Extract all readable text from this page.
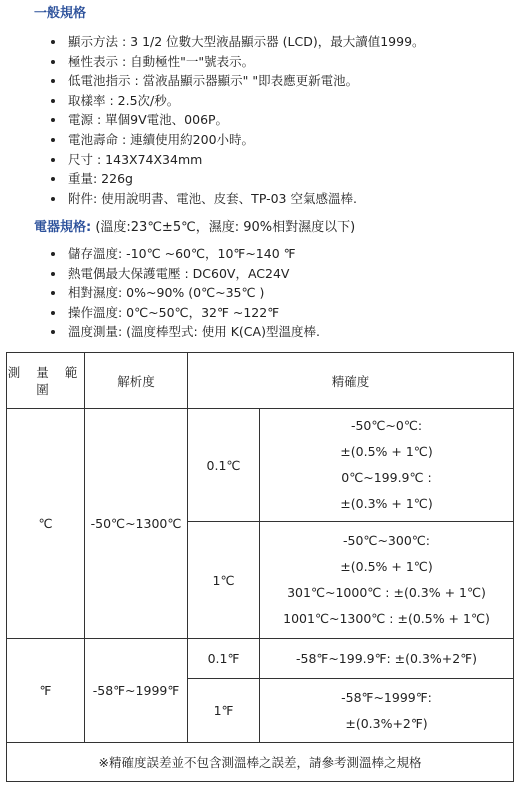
一般規格
• 顯示方法 : 3 1/2 位數大型液晶顯示器 (LCD)，最大讀值1999。
• 極性表示 : 自動極性"一"號表示。
• 低電池指示 : 當液晶顯示器顯示" "即表應更新電池。
• 取樣率 : 2.5次/秒。
• 電源 : 單個9V電池、006P。
• 電池壽命 : 連續使用約200小時。
• 尺寸 : 143X74X34mm
• 重量: 226g
• 附件: 使用說明書、電池、皮套、TP-03 空氣感溫棒.
電器規格: (溫度:23℃±5℃，濕度: 90%相對濕度以下)
• 儲存溫度: -10℃ ~60℃，10℉~140 ℉
• 熱電偶最大保護電壓 : DC60V，AC24V
• 相對濕度: 0%~90% (0℃~35℃ )
• 操作溫度: 0℃~50℃，32℉ ~122℉
• 溫度測量: (溫度棒型式: 使用 K(CA)型溫度棒.
測 量 範 圍	解析度	精確度	
℃	-50℃~1300℃	0.1℃	-50℃~0℃:
±(0.5% + 1℃)
0℃~199.9℃ :
±(0.3% + 1℃)

		1℃	-50℃~300℃:
±(0.5% + 1℃)
301℃~1000℃ : ±(0.3% + 1℃)
1001℃~1300℃ : ±(0.5% + 1℃)

℉	-58℉~1999℉	0.1℉	-58℉~199.9℉: ±(0.3%+2℉)

		1℉	-58℉~1999℉:
±(0.3%+2℉)

※精確度誤差並不包含測溫棒之誤差，請參考測溫棒之規格			
